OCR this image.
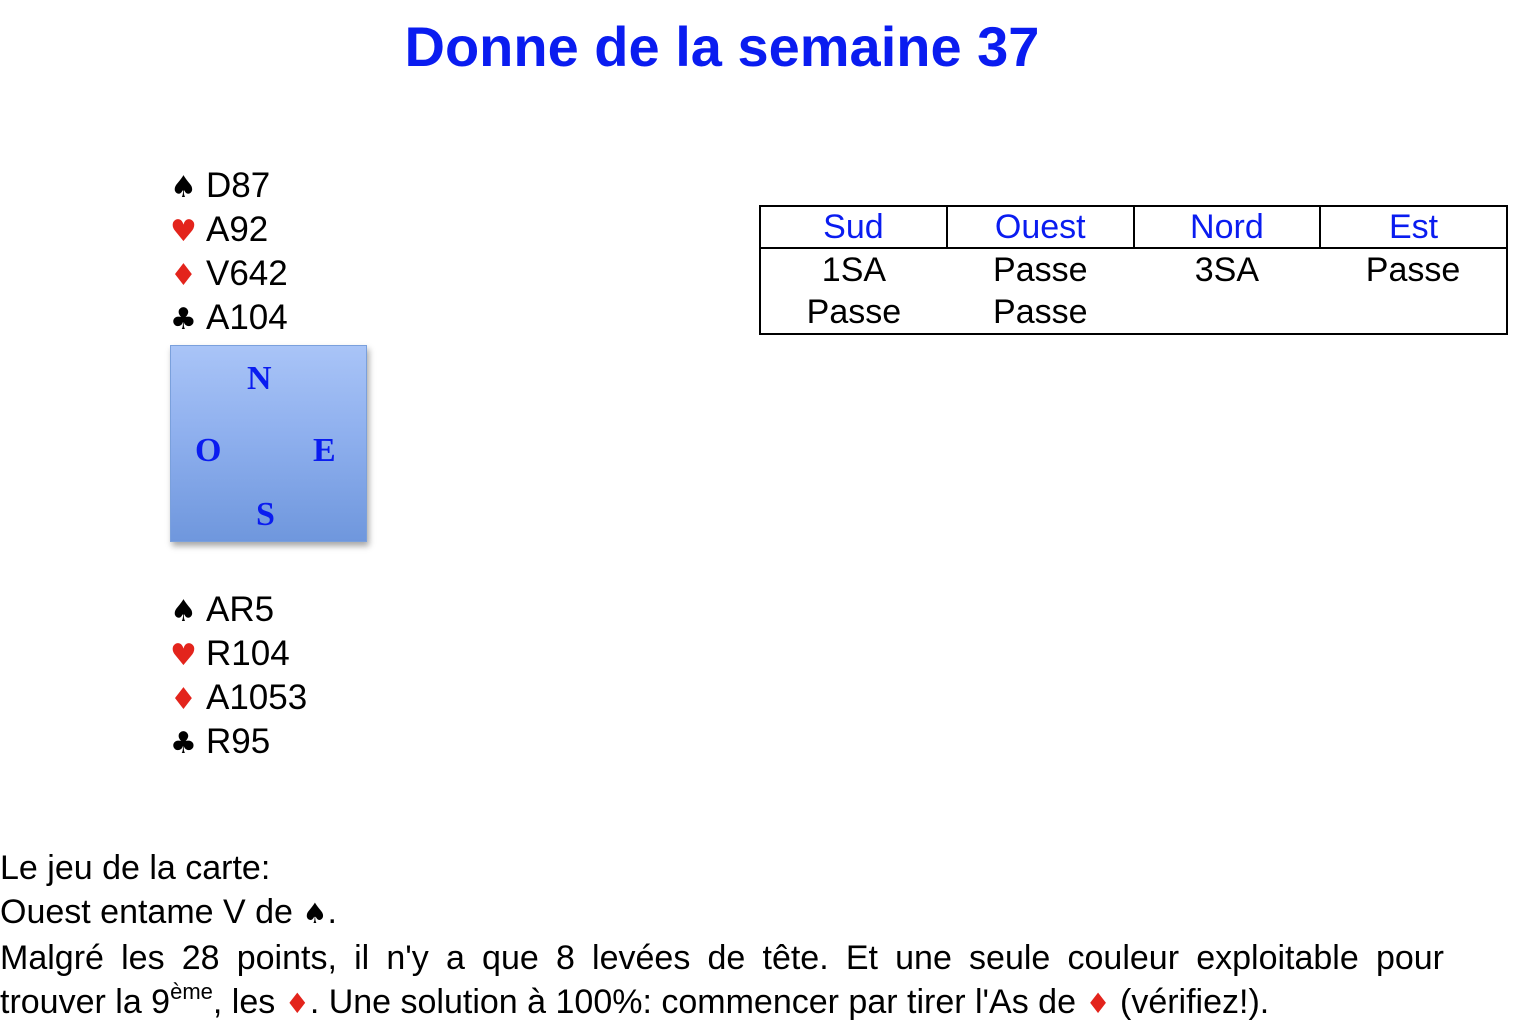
Donne de la semaine 37
♠ D87
♥ A92
♦ V642
♣ A104
N
O	E
S
♠ AR5
♥ R104
♦ A1053
♣ R95
Sud	Ouest	Nord	Est
1SA	Passe	3SA	Passe
Passe	Passe		
Le jeu de la carte:
Ouest entame V de ♠.
Malgré les 28 points, il n'y a que 8 levées de tête. Et une seule couleur exploitable pour
trouver la 9ème, les ♦. Une solution à 100%: commencer par tirer l'As de ♦ (vérifiez!).
